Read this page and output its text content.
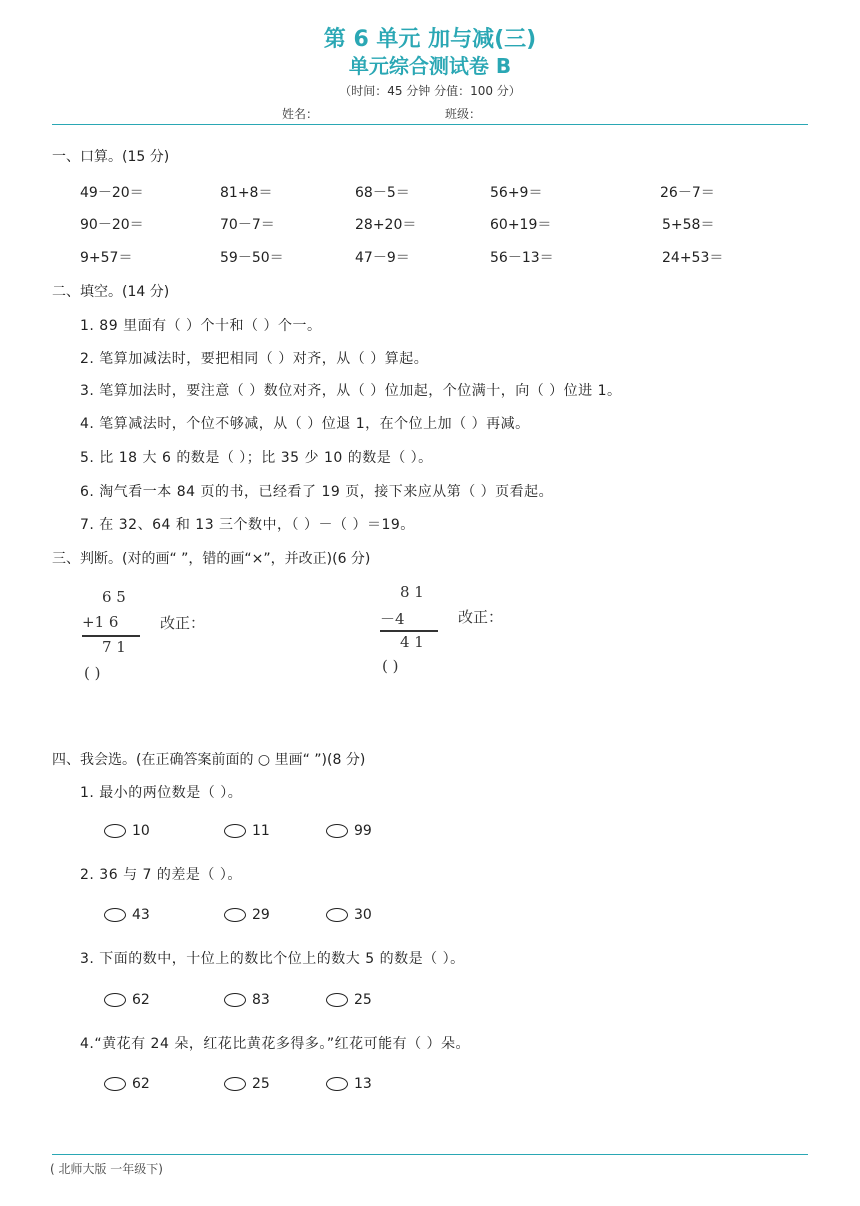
第 6 单元 加与减(三)
单元综合测试卷 B
（时间：45 分钟 分值：100 分）
姓名：	班级：
一、口算。(15 分)
49－20＝	81+8＝	68－5＝	56+9＝	26－7＝
90－20＝	70－7＝	28+20＝	60+19＝	5+58＝
9+57＝	59－50＝	47－9＝	56－13＝	24+53＝
二、填空。(14 分)
1. 89 里面有（ ）个十和（ ）个一。
2. 笔算加减法时，要把相同（ ）对齐，从（ ）算起。
3. 笔算加法时，要注意（ ）数位对齐，从（ ）位加起，个位满十，向（ ）位进 1。
4. 笔算减法时，个位不够减，从（ ）位退 1，在个位上加（ ）再减。
5. 比 18 大 6 的数是（ ）；比 35 少 10 的数是（ ）。
6. 淘气看一本 84 页的书，已经看了 19 页，接下来应从第（ ）页看起。
7. 在 32、64 和 13 三个数中，（ ）－（ ）＝19。
三、判断。(对的画“ ”，错的画“×”，并改正)(6 分)
6 5
+1 6
7 1
( )
改正：
8 1
－4
4 1
( )
改正：
四、我会选。(在正确答案前面的 ○ 里画“ ”)(8 分)
1. 最小的两位数是（ ）。
10	11	99
2. 36 与 7 的差是（ ）。
43	29	30
3. 下面的数中，十位上的数比个位上的数大 5 的数是（ ）。
62	83	25
4.“黄花有 24 朵，红花比黄花多得多。”红花可能有（ ）朵。
62	25	13
( 北师大版 一年级下)
